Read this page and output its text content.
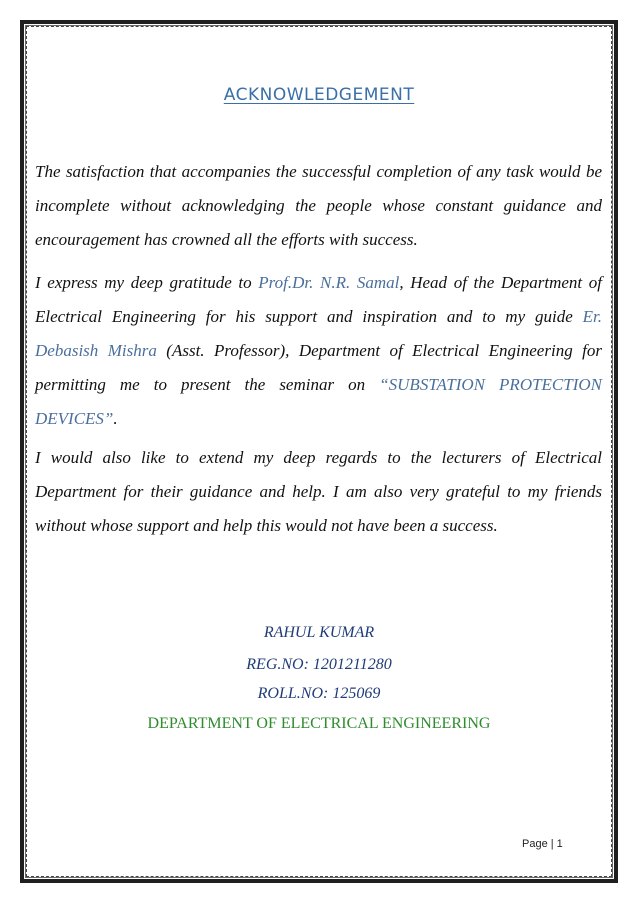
ACKNOWLEDGEMENT
The satisfaction that accompanies the successful completion of any task would be incomplete without acknowledging the people whose constant guidance and encouragement has crowned all the efforts with success.
I express my deep gratitude to Prof.Dr. N.R. Samal, Head of the Department of Electrical Engineering for his support and inspiration and to my guide Er. Debasish Mishra (Asst. Professor), Department of Electrical Engineering for permitting me to present the seminar on “SUBSTATION PROTECTION DEVICES”.
I would also like to extend my deep regards to the lecturers of Electrical Department for their guidance and help. I am also very grateful to my friends without whose support and help this would not have been a success.
RAHUL KUMAR
REG.NO: 1201211280
ROLL.NO: 125069
DEPARTMENT OF ELECTRICAL ENGINEERING
Page | 1
